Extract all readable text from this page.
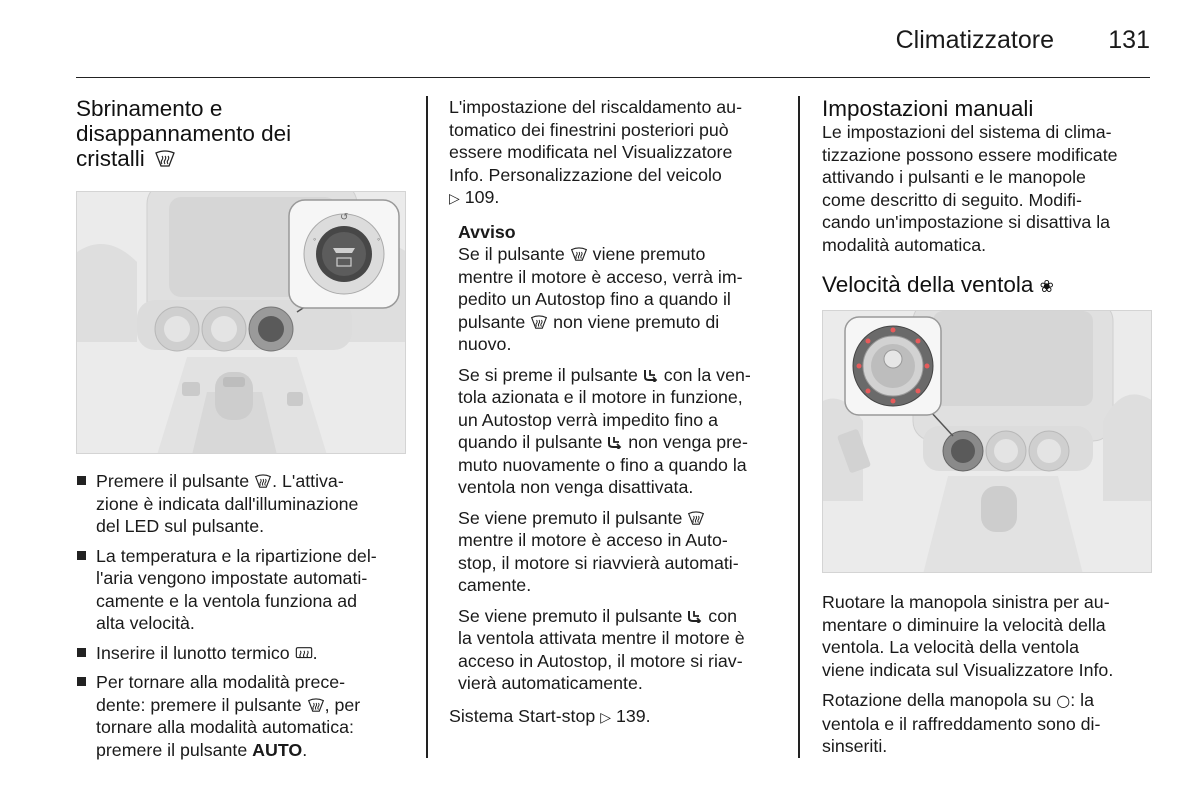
Climatizzatore 131
Sbrinamento e
disappannamento dei
cristalli
↺
◦	◦
Premere il pulsante . L'attiva-
zione è indicata dall'illuminazione
del LED sul pulsante.
La temperatura e la ripartizione del-
l'aria vengono impostate automati-
camente e la ventola funziona ad
alta velocità.
Inserire il lunotto termico .
Per tornare alla modalità prece-
dente: premere il pulsante , per
tornare alla modalità automatica:
premere il pulsante AUTO.

L'impostazione del riscaldamento au-
tomatico dei finestrini posteriori può
essere modificata nel Visualizzatore
Info. Personalizzazione del veicolo
▷ 109.

Avviso

Se il pulsante viene premuto
mentre il motore è acceso, verrà im-
pedito un Autostop fino a quando il
pulsante non viene premuto di
nuovo.

Se si preme il pulsante con la ven-
tola azionata e il motore in funzione,
un Autostop verrà impedito fino a
quando il pulsante non venga pre-
muto nuovamente o fino a quando la
ventola non venga disattivata.

Se viene premuto il pulsante
mentre il motore è acceso in Auto-
stop, il motore si riavvierà automati-
camente.

Se viene premuto il pulsante con
la ventola attivata mentre il motore è
acceso in Autostop, il motore si riav-
vierà automaticamente.

Sistema Start-stop ▷ 139.

Impostazioni manuali

Le impostazioni del sistema di clima-
tizzazione possono essere modificate
attivando i pulsanti e le manopole
come descritto di seguito. Modifi-
cando un'impostazione si disattiva la
modalità automatica.

Velocità della ventola ❀

Ruotare la manopola sinistra per au-
mentare o diminuire la velocità della
ventola. La velocità della ventola
viene indicata sul Visualizzatore Info.

Rotazione della manopola su ○: la
ventola e il raffreddamento sono di-
sinseriti.
